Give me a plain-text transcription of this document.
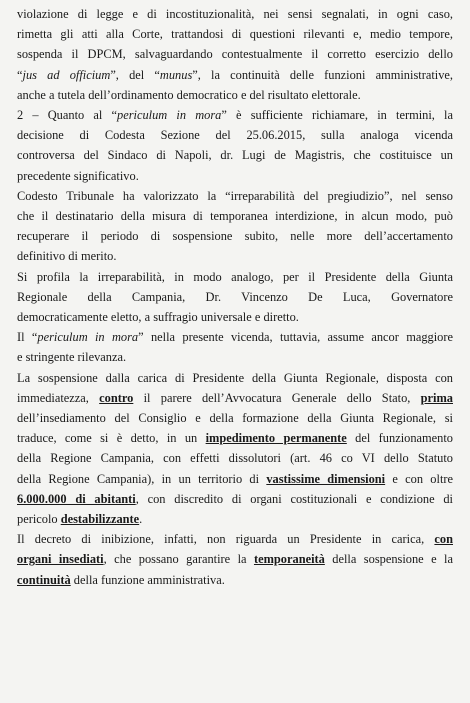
violazione di legge e di incostituzionalità, nei sensi segnalati, in ogni caso,
rimetta gli atti alla Corte, trattandosi di questioni rilevanti e, medio tempore,
sospenda il DPCM, salvaguardando contestualmente il corretto esercizio dello
“jus ad officium”, del “munus”, la continuità delle funzioni amministrative,
anche a tutela dell’ordinamento democratico e del risultato elettorale.
2 – Quanto al “periculum in mora” è sufficiente richiamare, in termini, la
decisione di Codesta Sezione del 25.06.2015, sulla analoga vicenda
controversa del Sindaco di Napoli, dr. Lugi de Magistris, che costituisce un
precedente significativo.
Codesto Tribunale ha valorizzato la “irreparabilità del pregiudizio”, nel senso
che il destinatario della misura di temporanea interdizione, in alcun modo, può
recuperare il periodo di sospensione subito, nelle more dell’accertamento
definitivo di merito.
Si profila la irreparabilità, in modo analogo, per il Presidente della Giunta
Regionale della Campania, Dr. Vincenzo De Luca, Governatore
democraticamente eletto, a suffragio universale e diretto.
Il “periculum in mora” nella presente vicenda, tuttavia, assume ancor maggiore
e stringente rilevanza.
La sospensione dalla carica di Presidente della Giunta Regionale, disposta con
immediatezza, contro il parere dell’Avvocatura Generale dello Stato, prima
dell’insediamento del Consiglio e della formazione della Giunta Regionale, si
traduce, come si è detto, in un impedimento permanente del funzionamento
della Regione Campania, con effetti dissolutori (art. 46 co VI dello Statuto
della Regione Campania), in un territorio di vastissime dimensioni e con oltre
6.000.000 di abitanti, con discredito di organi costituzionali e condizione di
pericolo destabilizzante.
Il decreto di inibizione, infatti, non riguarda un Presidente in carica, con
organi insediati, che possano garantire la temporaneità della sospensione e la
continuità della funzione amministrativa.
